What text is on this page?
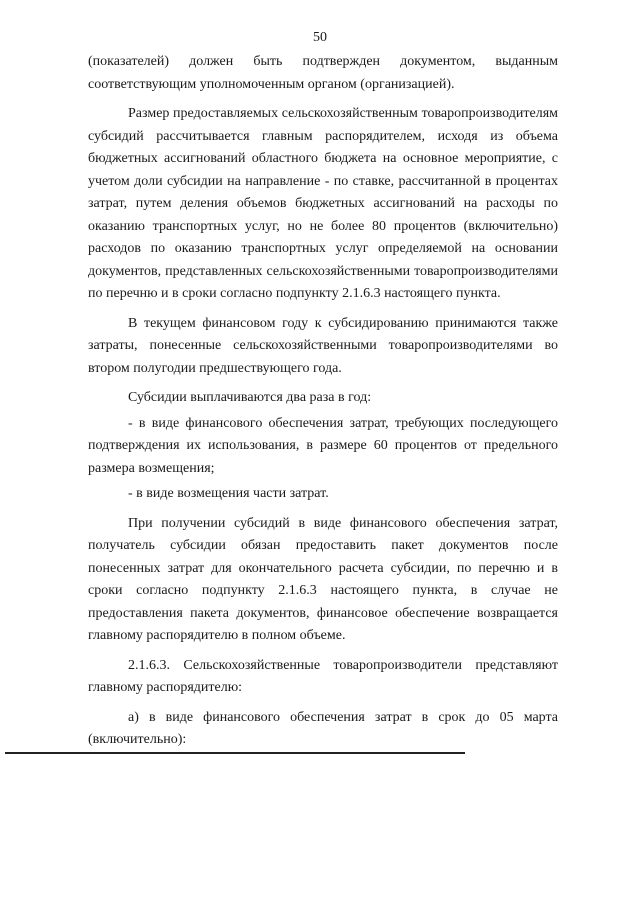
50

(показателей) должен быть подтвержден документом, выданным соответствующим уполномоченным органом (организацией).

Размер предоставляемых сельскохозяйственным товаропроизводителям субсидий рассчитывается главным распорядителем, исходя из объема бюджетных ассигнований областного бюджета на основное мероприятие, с учетом доли субсидии на направление - по ставке, рассчитанной в процентах затрат, путем деления объемов бюджетных ассигнований на расходы по оказанию транспортных услуг, но не более 80 процентов (включительно) расходов по оказанию транспортных услуг определяемой на основании документов, представленных сельскохозяйственными товаропроизводителями по перечню и в сроки согласно подпункту 2.1.6.3 настоящего пункта.

В текущем финансовом году к субсидированию принимаются также затраты, понесенные сельскохозяйственными товаропроизводителями во втором полугодии предшествующего года.

Субсидии выплачиваются два раза в год:

- в виде финансового обеспечения затрат, требующих последующего подтверждения их использования, в размере 60 процентов от предельного размера возмещения;

- в виде возмещения части затрат.

При получении субсидий в виде финансового обеспечения затрат, получатель субсидии обязан предоставить пакет документов после понесенных затрат для окончательного расчета субсидии, по перечню и в сроки согласно подпункту 2.1.6.3 настоящего пункта, в случае не предоставления пакета документов, финансовое обеспечение возвращается главному распорядителю в полном объеме.

2.1.6.3. Сельскохозяйственные товаропроизводители представляют главному распорядителю:

а) в виде финансового обеспечения затрат в срок до 05 марта (включительно):
